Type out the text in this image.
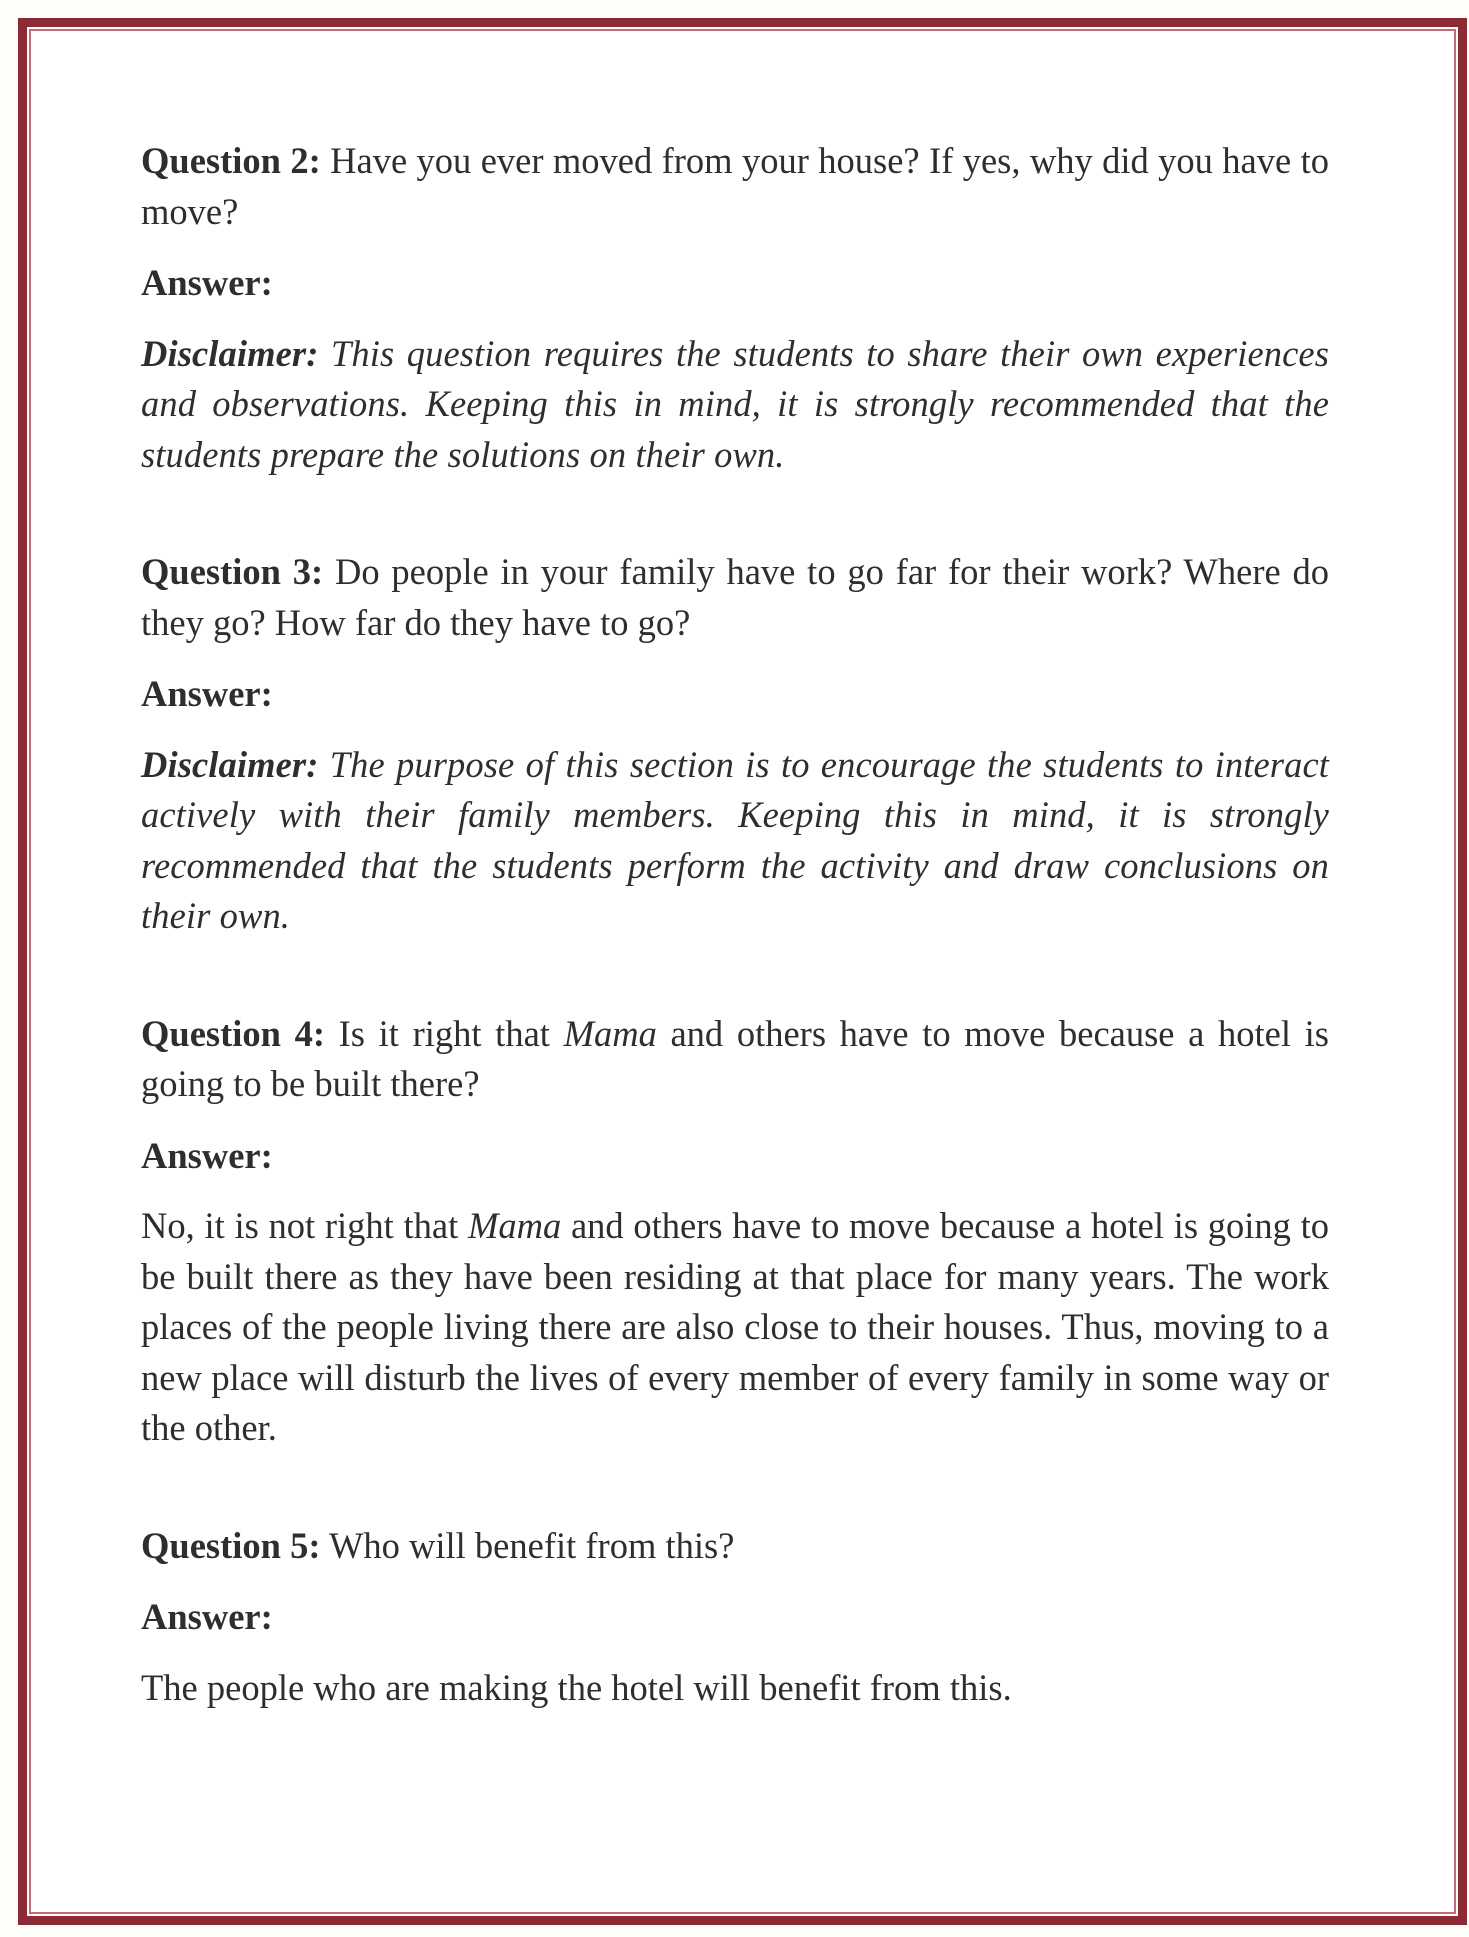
Question 2: Have you ever moved from your house? If yes, why did you have to move?

Answer:

Disclaimer: This question requires the students to share their own experiences and observations. Keeping this in mind, it is strongly recommended that the students prepare the solutions on their own.

Question 3: Do people in your family have to go far for their work? Where do they go? How far do they have to go?

Answer:

Disclaimer: The purpose of this section is to encourage the students to interact actively with their family members. Keeping this in mind, it is strongly recommended that the students perform the activity and draw conclusions on their own.

Question 4: Is it right that Mama and others have to move because a hotel is going to be built there?

Answer:

No, it is not right that Mama and others have to move because a hotel is going to be built there as they have been residing at that place for many years. The work places of the people living there are also close to their houses. Thus, moving to a new place will disturb the lives of every member of every family in some way or the other.

Question 5: Who will benefit from this?

Answer:

The people who are making the hotel will benefit from this.
